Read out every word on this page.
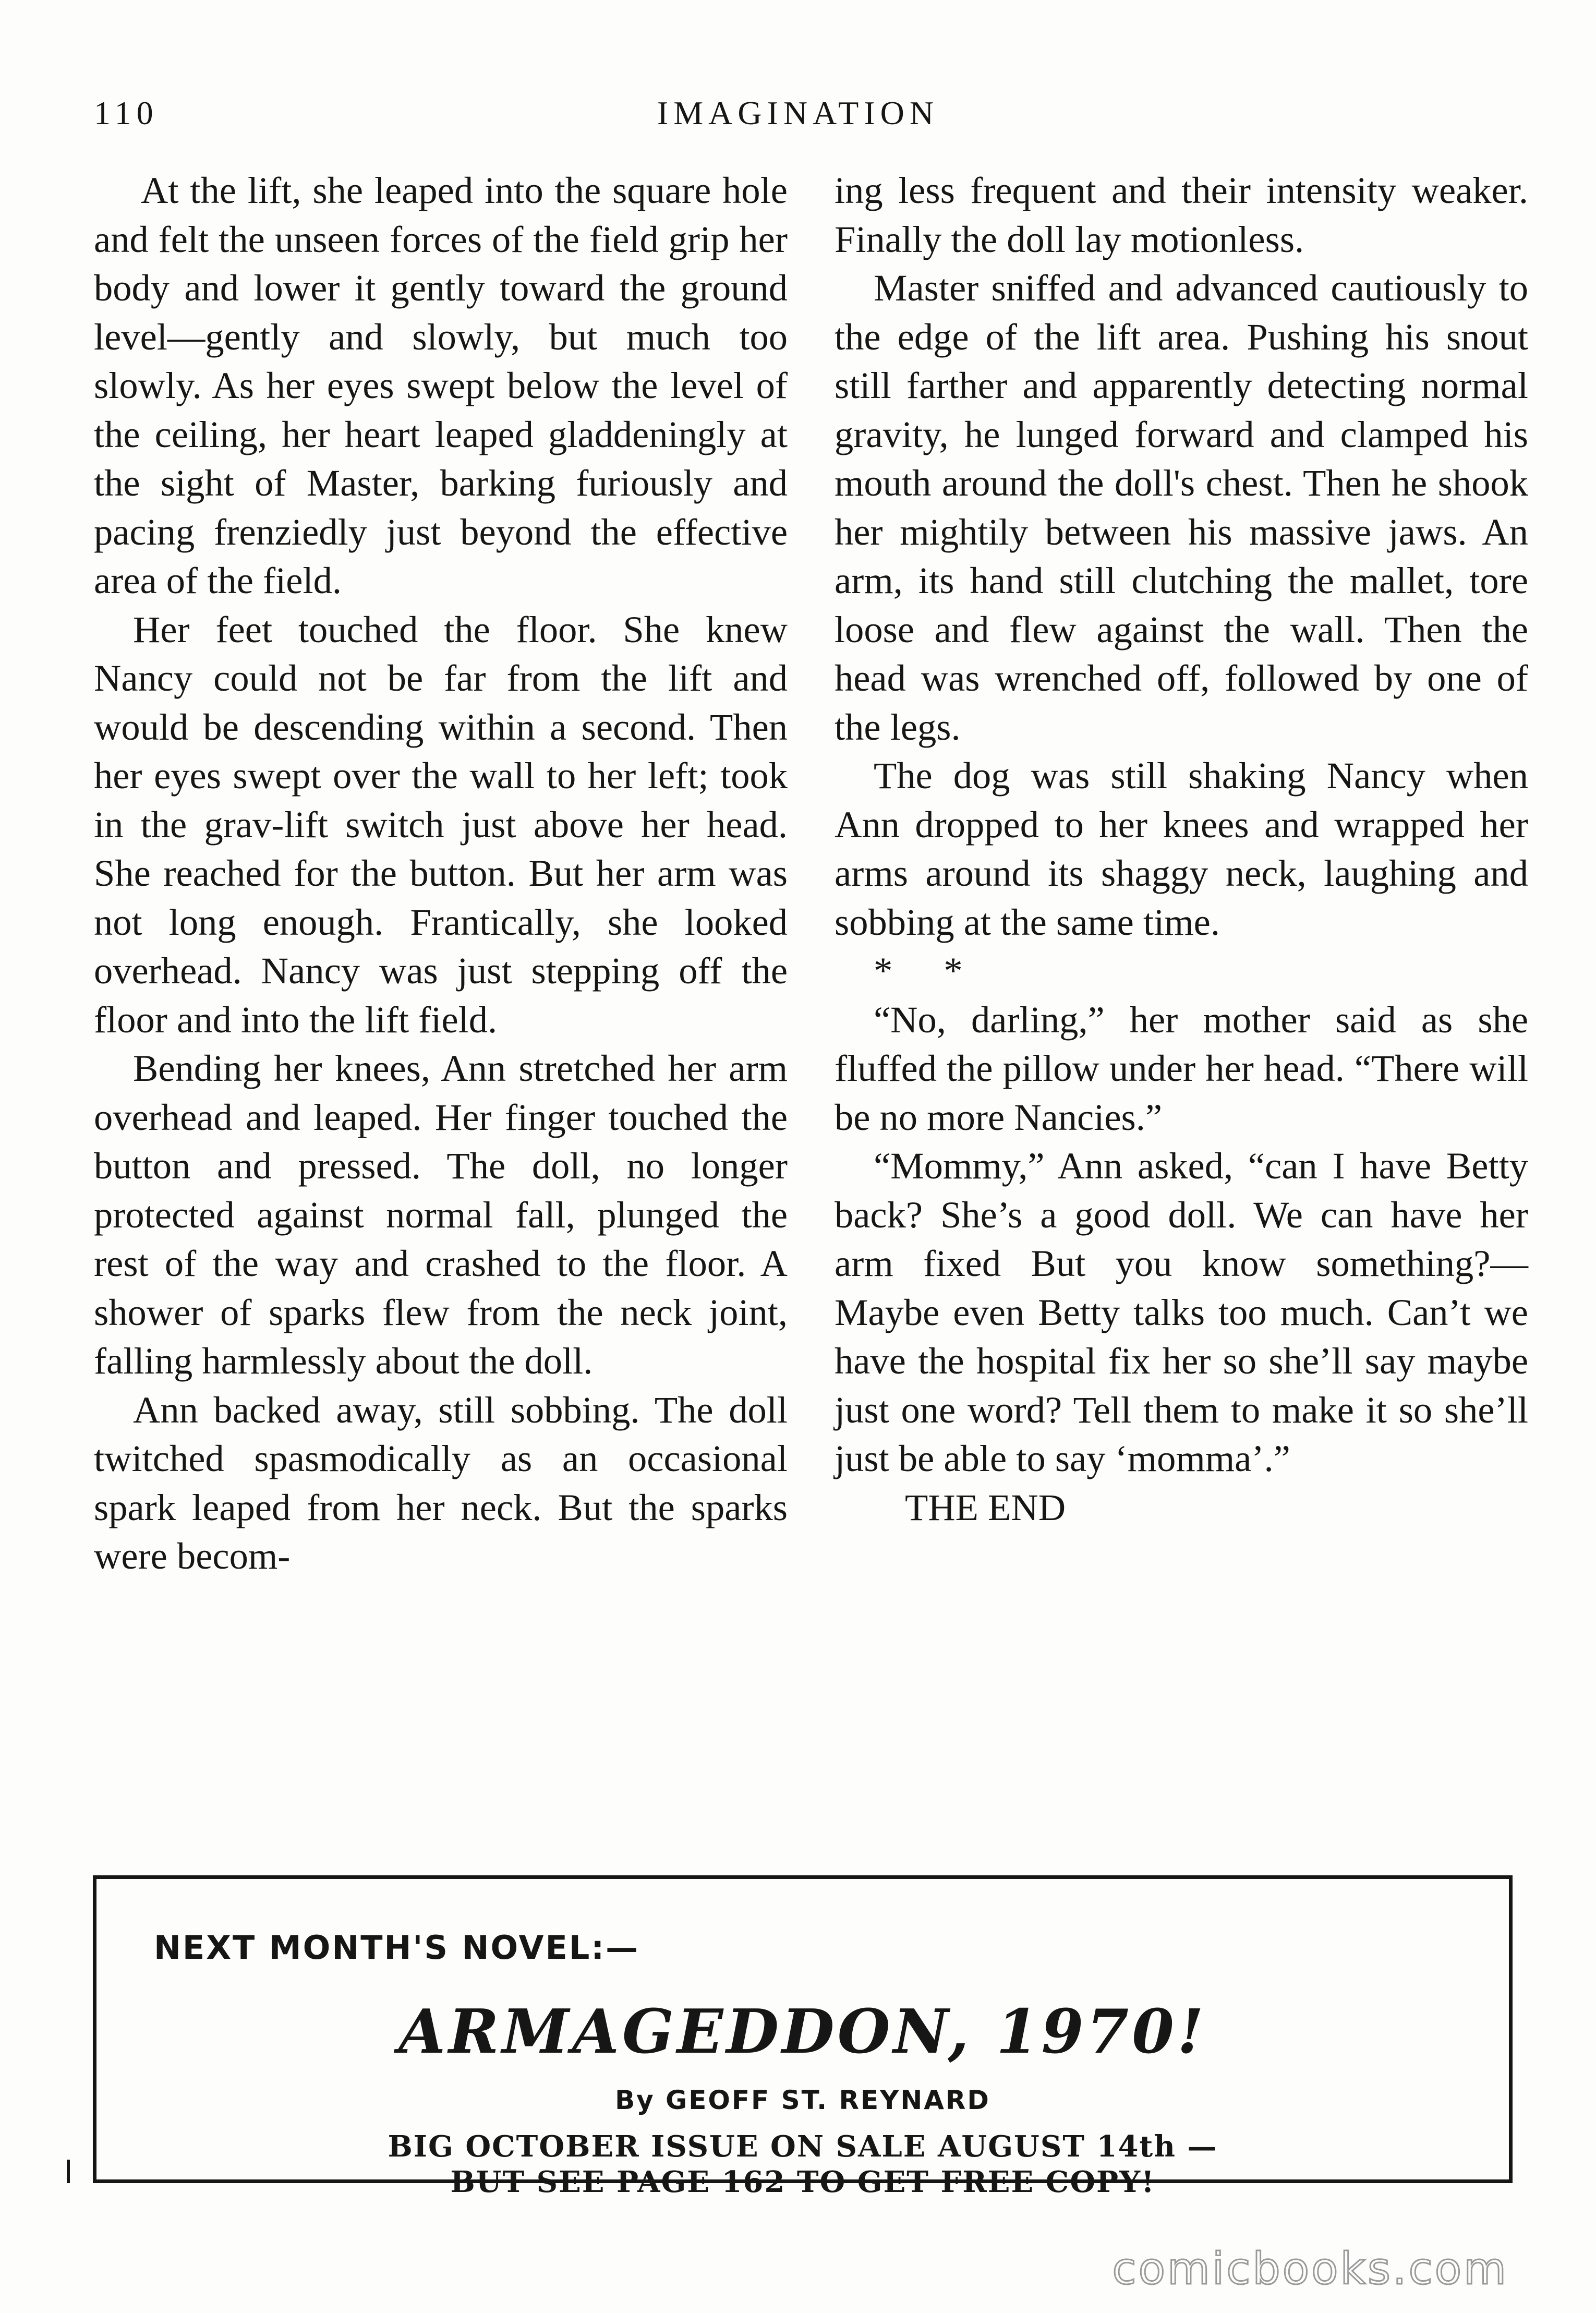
110	IMAGINATION

At the lift, she leaped into the square hole and felt the unseen forces of the field grip her body and lower it gently toward the ground level—gently and slowly, but much too slowly. As her eyes swept below the level of the ceiling, her heart leaped gladdeningly at the sight of Master, barking furiously and pacing frenziedly just beyond the effective area of the field.

Her feet touched the floor. She knew Nancy could not be far from the lift and would be descending within a second. Then her eyes swept over the wall to her left; took in the grav-lift switch just above her head. She reached for the button. But her arm was not long enough. Frantically, she looked overhead. Nancy was just stepping off the floor and into the lift field.

Bending her knees, Ann stretched her arm overhead and leaped. Her finger touched the button and pressed. The doll, no longer protected against normal fall, plunged the rest of the way and crashed to the floor. A shower of sparks flew from the neck joint, falling harmlessly about the doll.

Ann backed away, still sobbing. The doll twitched spasmodically as an occasional spark leaped from her neck. But the sparks were becom-

ing less frequent and their intensity weaker. Finally the doll lay motionless.

Master sniffed and advanced cautiously to the edge of the lift area. Pushing his snout still farther and apparently detecting normal gravity, he lunged forward and clamped his mouth around the doll's chest. Then he shook her mightily between his massive jaws. An arm, its hand still clutching the mallet, tore loose and flew against the wall. Then the head was wrenched off, followed by one of the legs.

The dog was still shaking Nancy when Ann dropped to her knees and wrapped her arms around its shaggy neck, laughing and sobbing at the same time.

* *

“No, darling,” her mother said as she fluffed the pillow under her head. “There will be no more Nancies.”

“Mommy,” Ann asked, “can I have Betty back? She’s a good doll. We can have her arm fixed But you know something?—Maybe even Betty talks too much. Can’t we have the hospital fix her so she’ll say maybe just one word? Tell them to make it so she’ll just be able to say ‘momma’.”

THE END

NEXT MONTH'S NOVEL:—
ARMAGEDDON, 1970!
By GEOFF ST. REYNARD
BIG OCTOBER ISSUE ON SALE AUGUST 14th —
BUT SEE PAGE 162 TO GET FREE COPY!
comicbooks.com
